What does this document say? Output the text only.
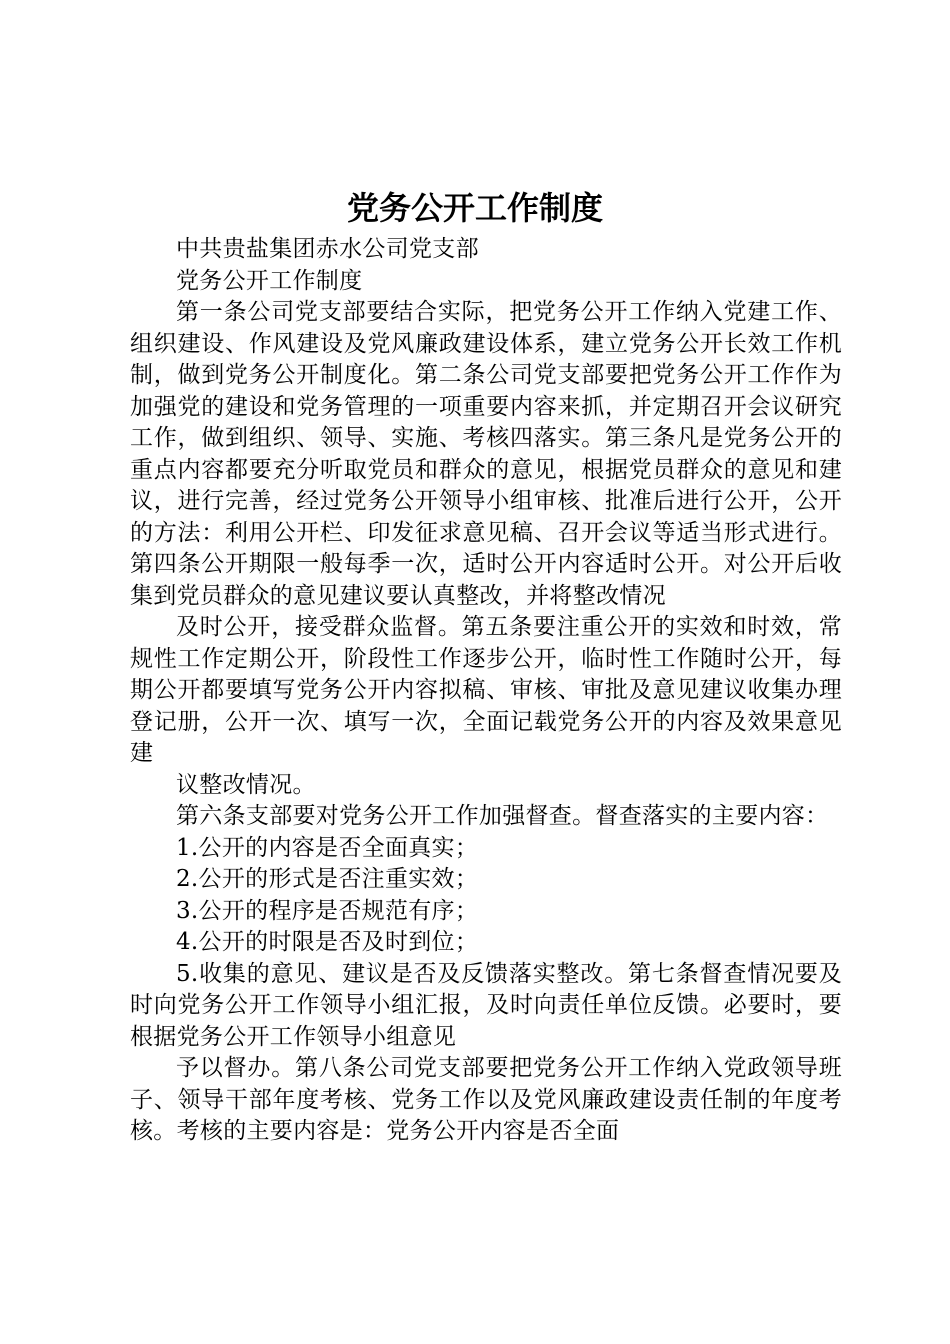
党务公开工作制度

中共贵盐集团赤水公司党支部

党务公开工作制度

第一条公司党支部要结合实际，把党务公开工作纳入党建工作、组织建设、作风建设及党风廉政建设体系，建立党务公开长效工作机制，做到党务公开制度化。第二条公司党支部要把党务公开工作作为加强党的建设和党务管理的一项重要内容来抓，并定期召开会议研究工作，做到组织、领导、实施、考核四落实。第三条凡是党务公开的重点内容都要充分听取党员和群众的意见，根据党员群众的意见和建议，进行完善，经过党务公开领导小组审核、批准后进行公开，公开的方法：利用公开栏、印发征求意见稿、召开会议等适当形式进行。第四条公开期限一般每季一次，适时公开内容适时公开。对公开后收集到党员群众的意见建议要认真整改，并将整改情况

及时公开，接受群众监督。第五条要注重公开的实效和时效，常规性工作定期公开，阶段性工作逐步公开，临时性工作随时公开，每期公开都要填写党务公开内容拟稿、审核、审批及意见建议收集办理登记册，公开一次、填写一次，全面记载党务公开的内容及效果意见建

议整改情况。

第六条支部要对党务公开工作加强督查。督查落实的主要内容：

1.公开的内容是否全面真实；

2.公开的形式是否注重实效；

3.公开的程序是否规范有序；

4.公开的时限是否及时到位；

5.收集的意见、建议是否及反馈落实整改。第七条督查情况要及时向党务公开工作领导小组汇报，及时向责任单位反馈。必要时，要根据党务公开工作领导小组意见

予以督办。第八条公司党支部要把党务公开工作纳入党政领导班子、领导干部年度考核、党务工作以及党风廉政建设责任制的年度考核。考核的主要内容是：党务公开内容是否全面
